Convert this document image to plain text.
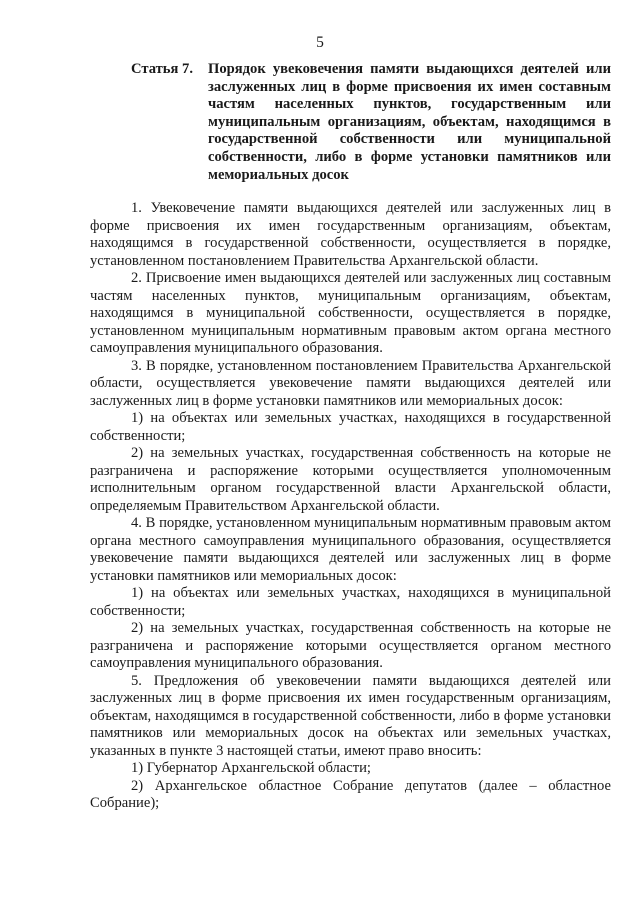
5
Статья 7.	Порядок увековечения памяти выдающихся деятелей или заслуженных лиц в форме присвоения их имен составным частям населенных пунктов, государственным или муниципальным организациям, объектам, находящимся в государственной собственности или муниципальной собственности, либо в форме установки памятников или мемориальных досок

1. Увековечение памяти выдающихся деятелей или заслуженных лиц в форме присвоения их имен государственным организациям, объектам, находящимся в государственной собственности, осуществляется в порядке, установленном постановлением Правительства Архангельской области.

2. Присвоение имен выдающихся деятелей или заслуженных лиц составным частям населенных пунктов, муниципальным организациям, объектам, находящимся в муниципальной собственности, осуществляется в порядке, установленном муниципальным нормативным правовым актом органа местного самоуправления муниципального образования.

3. В порядке, установленном постановлением Правительства Архангельской области, осуществляется увековечение памяти выдающихся деятелей или заслуженных лиц в форме установки памятников или мемориальных досок:

1) на объектах или земельных участках, находящихся в государственной собственности;

2) на земельных участках, государственная собственность на которые не разграничена и распоряжение которыми осуществляется уполномоченным исполнительным органом государственной власти Архангельской области, определяемым Правительством Архангельской области.

4. В порядке, установленном муниципальным нормативным правовым актом органа местного самоуправления муниципального образования, осуществляется увековечение памяти выдающихся деятелей или заслуженных лиц в форме установки памятников или мемориальных досок:

1) на объектах или земельных участках, находящихся в муниципальной собственности;

2) на земельных участках, государственная собственность на которые не разграничена и распоряжение которыми осуществляется органом местного самоуправления муниципального образования.

5. Предложения об увековечении памяти выдающихся деятелей или заслуженных лиц в форме присвоения их имен государственным организациям, объектам, находящимся в государственной собственности, либо в форме установки памятников или мемориальных досок на объектах или земельных участках, указанных в пункте 3 настоящей статьи, имеют право вносить:

1) Губернатор Архангельской области;

2) Архангельское областное Собрание депутатов (далее – областное Собрание);
